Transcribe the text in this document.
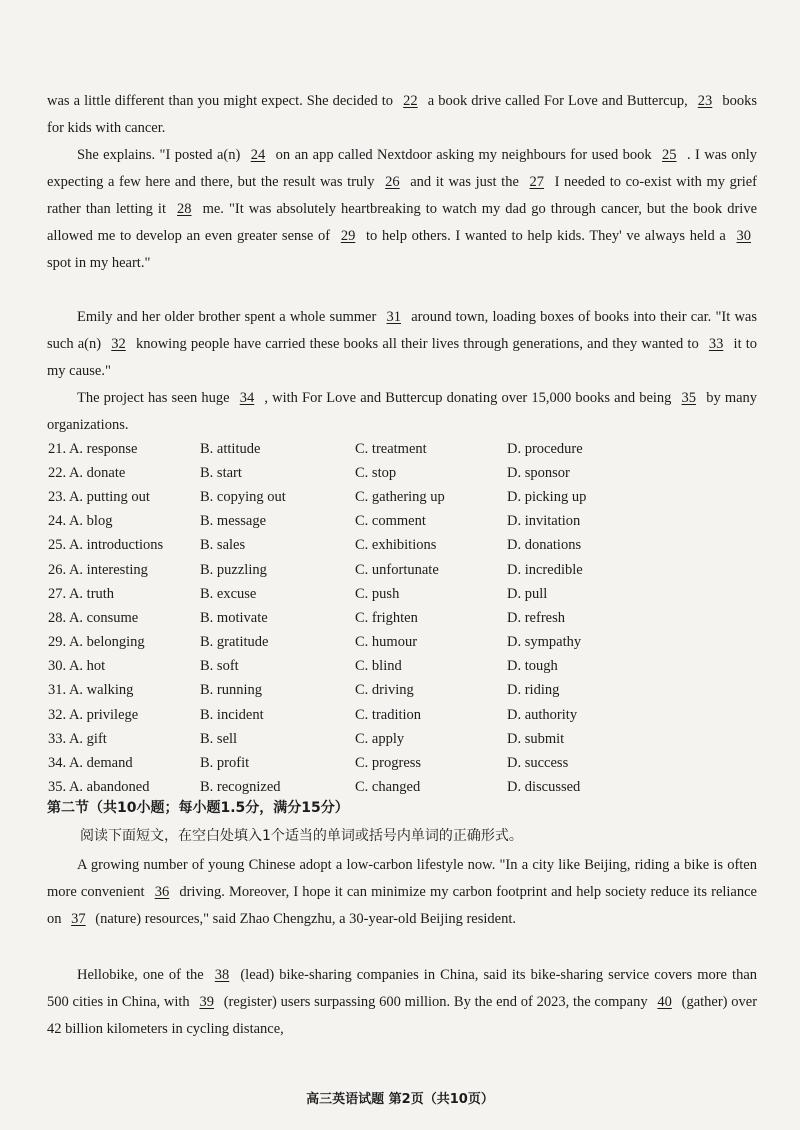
was a little different than you might expect. She decided to 22 a book drive called For Love and Buttercup, 23 books for kids with cancer.

She explains. "I posted a(n) 24 on an app called Nextdoor asking my neighbours for used book 25 . I was only expecting a few here and there, but the result was truly 26 and it was just the 27 I needed to co-exist with my grief rather than letting it 28 me. "It was absolutely heartbreaking to watch my dad go through cancer, but the book drive allowed me to develop an even greater sense of 29 to help others. I wanted to help kids. They' ve always held a 30 spot in my heart."

Emily and her older brother spent a whole summer 31 around town, loading boxes of books into their car. "It was such a(n) 32 knowing people have carried these books all their lives through generations, and they wanted to 33 it to my cause."

The project has seen huge 34 , with For Love and Buttercup donating over 15,000 books and being 35 by many organizations.

21. A. response	B. attitude	C. treatment	D. procedure
22. A. donate	B. start	C. stop	D. sponsor
23. A. putting out	B. copying out	C. gathering up	D. picking up
24. A. blog	B. message	C. comment	D. invitation
25. A. introductions	B. sales	C. exhibitions	D. donations
26. A. interesting	B. puzzling	C. unfortunate	D. incredible
27. A. truth	B. excuse	C. push	D. pull
28. A. consume	B. motivate	C. frighten	D. refresh
29. A. belonging	B. gratitude	C. humour	D. sympathy
30. A. hot	B. soft	C. blind	D. tough
31. A. walking	B. running	C. driving	D. riding
32. A. privilege	B. incident	C. tradition	D. authority
33. A. gift	B. sell	C. apply	D. submit
34. A. demand	B. profit	C. progress	D. success
35. A. abandoned	B. recognized	C. changed	D. discussed
第二节（共10小题；每小题1.5分，满分15分）
阅读下面短文，在空白处填入1个适当的单词或括号内单词的正确形式。

A growing number of young Chinese adopt a low-carbon lifestyle now. "In a city like Beijing, riding a bike is often more convenient 36 driving. Moreover, I hope it can minimize my carbon footprint and help society reduce its reliance on 37 (nature) resources," said Zhao Chengzhu, a 30-year-old Beijing resident.

Hellobike, one of the 38 (lead) bike-sharing companies in China, said its bike-sharing service covers more than 500 cities in China, with 39 (register) users surpassing 600 million. By the end of 2023, the company 40 (gather) over 42 billion kilometers in cycling distance,

高三英语试题 第2页（共10页）
